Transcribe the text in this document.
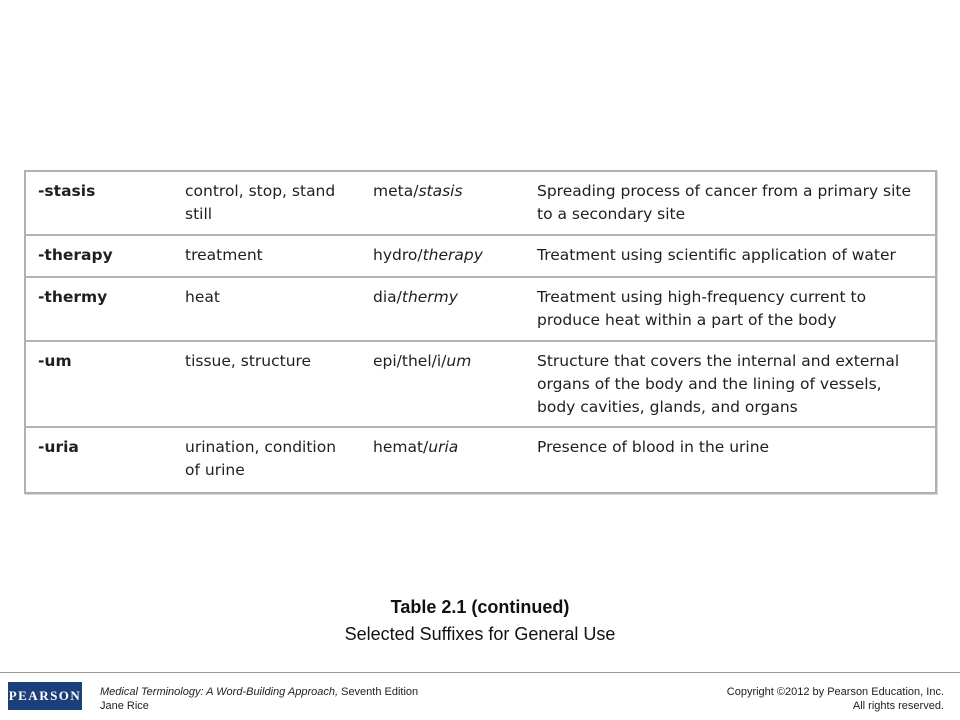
-stasis	control, stop, stand still	meta/stasis	Spreading process of cancer from a primary site to a secondary site
-therapy	treatment	hydro/therapy	Treatment using scientific application of water
-thermy	heat	dia/thermy	Treatment using high-frequency current to produce heat within a part of the body
-um	tissue, structure	epi/thel/i/um	Structure that covers the internal and external organs of the body and the lining of vessels, body cavities, glands, and organs
-uria	urination, condition of urine	hemat/uria	Presence of blood in the urine
Table 2.1 (continued)
Selected Suffixes for General Use
PEARSON Medical Terminology: A Word-Building Approach, Seventh Edition
Jane Rice
Copyright ©2012 by Pearson Education, Inc.
All rights reserved.
